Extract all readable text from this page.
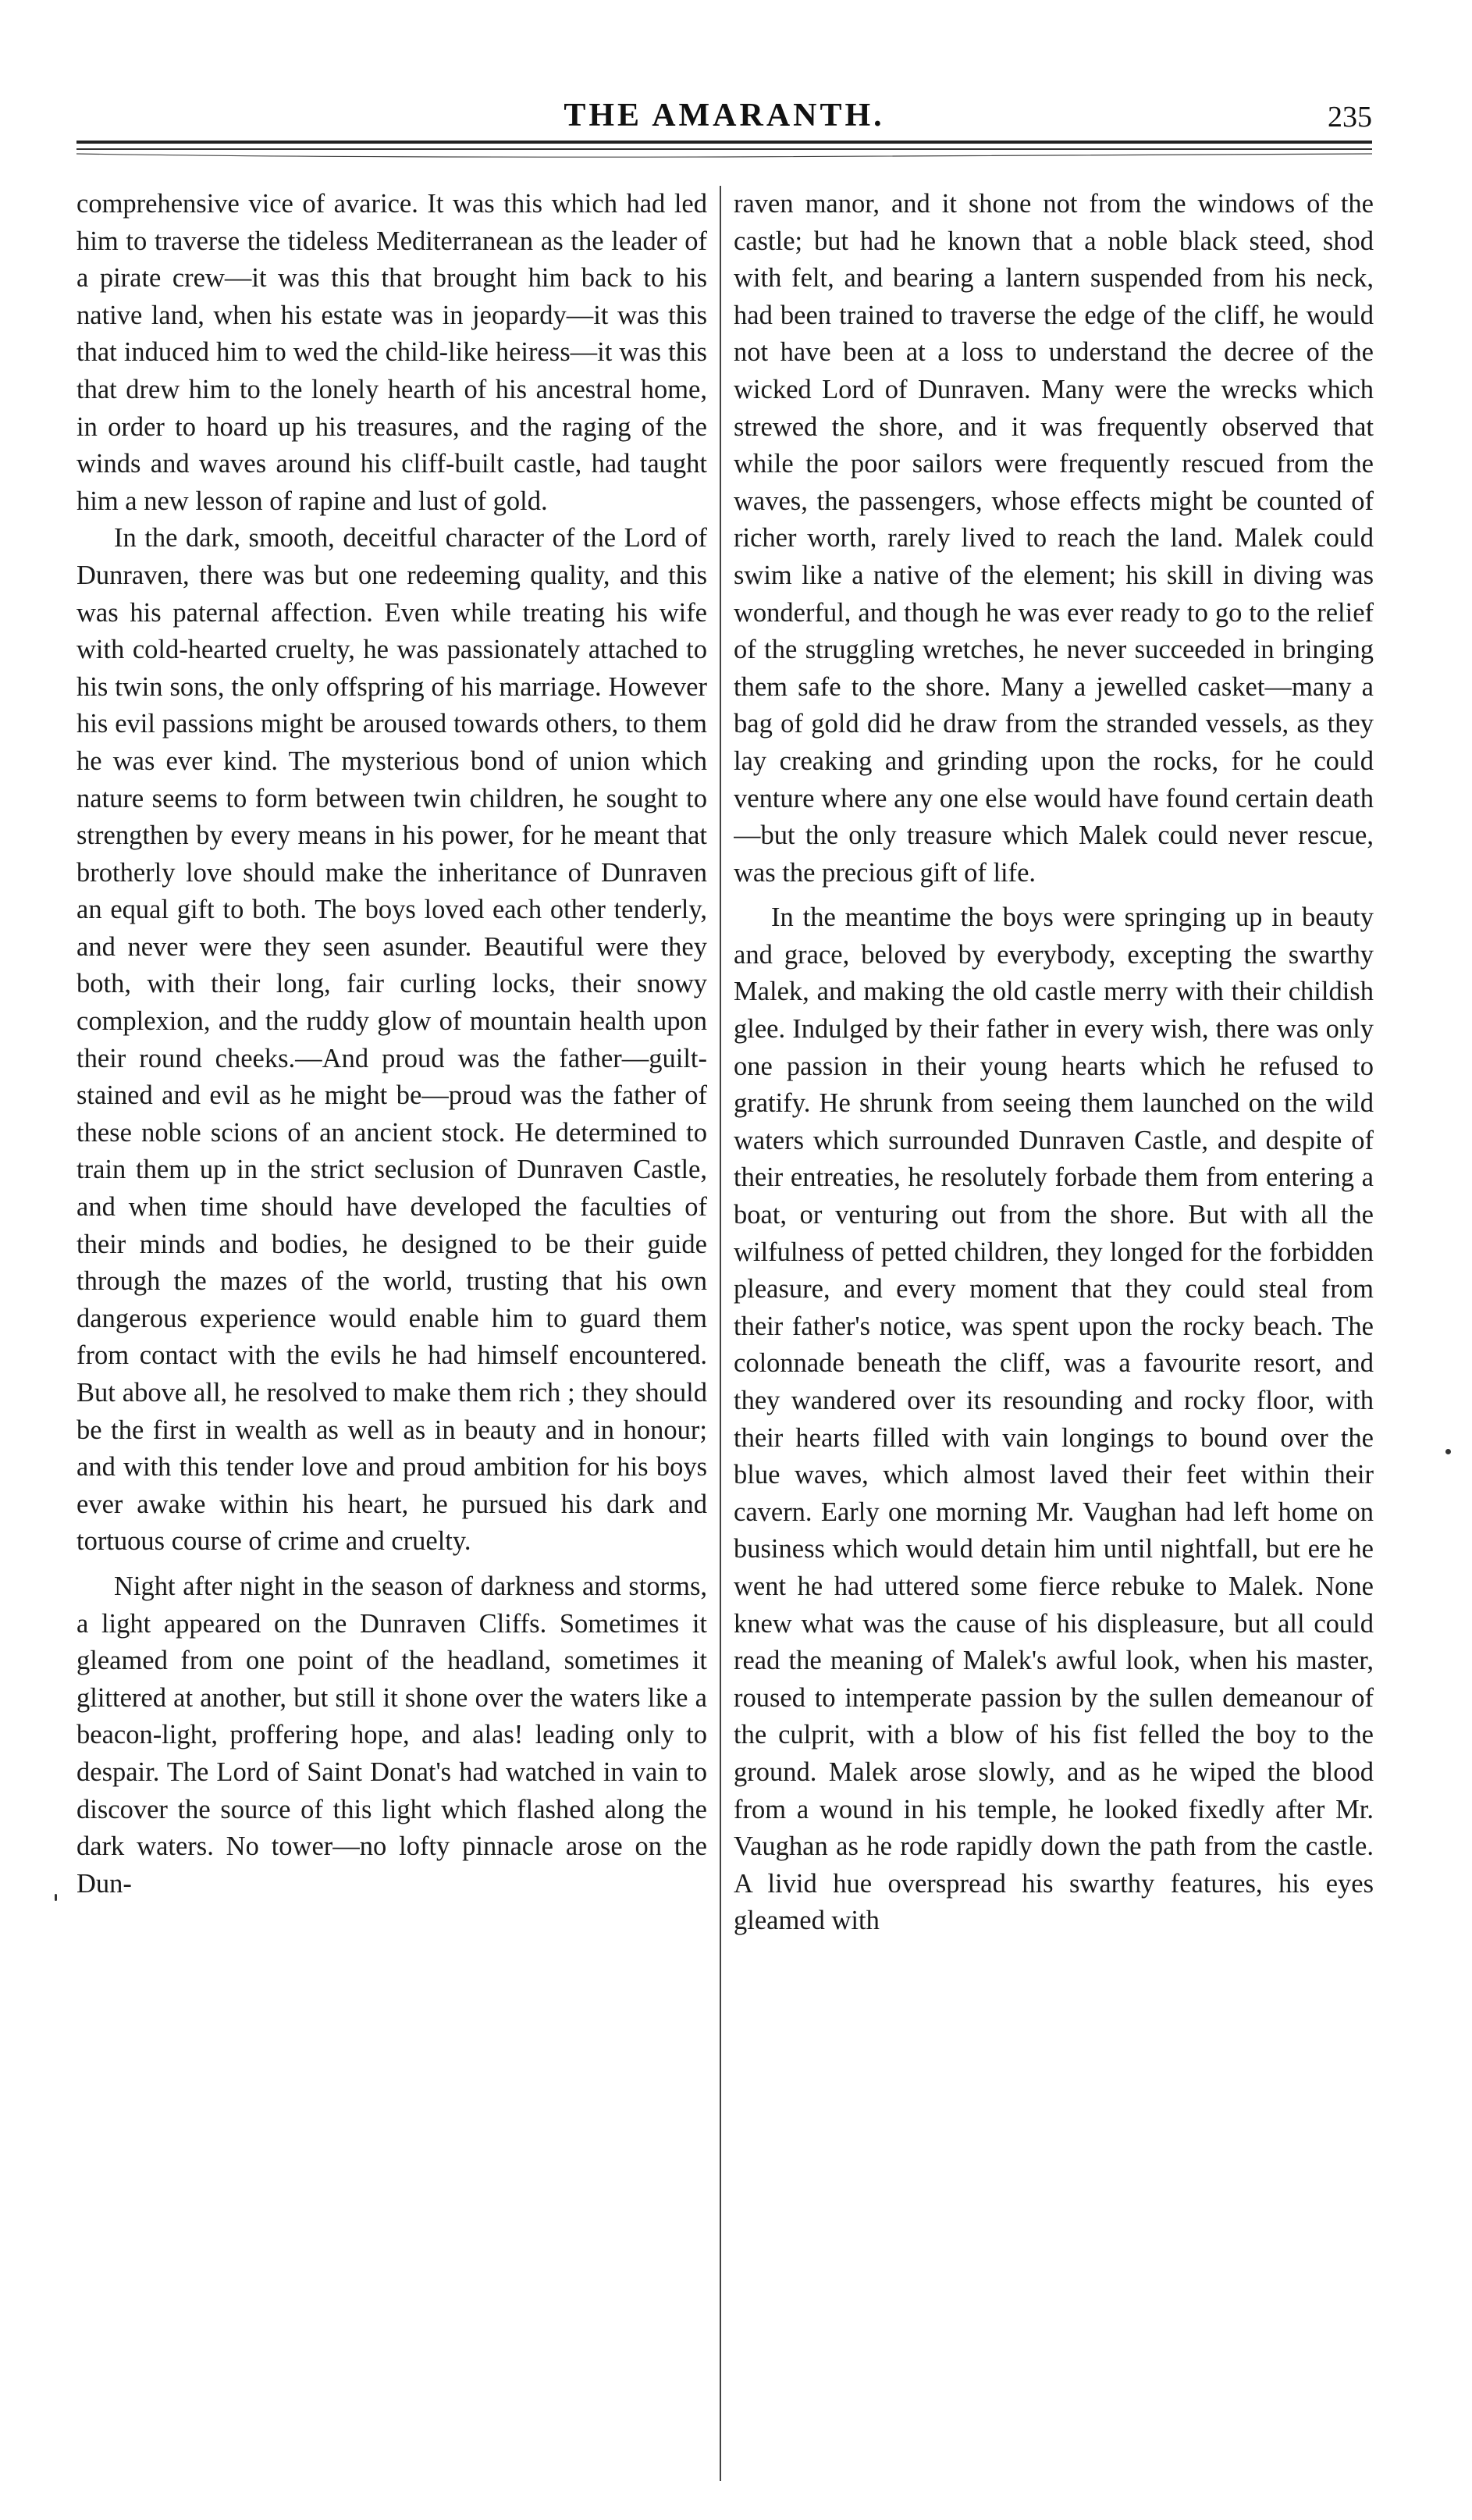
THE AMARANTH.	235

comprehensive vice of avarice. It was this which had led him to traverse the tideless Mediterranean as the leader of a pirate crew—it was this that brought him back to his native land, when his estate was in jeopardy—it was this that induced him to wed the child-like heiress—it was this that drew him to the lonely hearth of his ancestral home, in order to hoard up his treasures, and the raging of the winds and waves around his cliff-built castle, had taught him a new lesson of rapine and lust of gold.

In the dark, smooth, deceitful character of the Lord of Dunraven, there was but one redeeming quality, and this was his paternal affection. Even while treating his wife with cold-hearted cruelty, he was passionately attached to his twin sons, the only offspring of his marriage. However his evil passions might be aroused towards others, to them he was ever kind. The mysterious bond of union which nature seems to form between twin children, he sought to strengthen by every means in his power, for he meant that brotherly love should make the inheritance of Dunraven an equal gift to both. The boys loved each other tenderly, and never were they seen asunder. Beautiful were they both, with their long, fair curling locks, their snowy complexion, and the ruddy glow of mountain health upon their round cheeks.—And proud was the father—guilt-stained and evil as he might be—proud was the father of these noble scions of an ancient stock. He determined to train them up in the strict seclusion of Dunraven Castle, and when time should have developed the faculties of their minds and bodies, he designed to be their guide through the mazes of the world, trusting that his own dangerous experience would enable him to guard them from contact with the evils he had himself encountered. But above all, he resolved to make them rich ; they should be the first in wealth as well as in beauty and in honour; and with this tender love and proud ambition for his boys ever awake within his heart, he pursued his dark and tortuous course of crime and cruelty.

Night after night in the season of darkness and storms, a light appeared on the Dunraven Cliffs. Sometimes it gleamed from one point of the headland, sometimes it glittered at another, but still it shone over the waters like a beacon-light, proffering hope, and alas! leading only to despair. The Lord of Saint Donat's had watched in vain to discover the source of this light which flashed along the dark waters. No tower—no lofty pinnacle arose on the Dun-

raven manor, and it shone not from the windows of the castle; but had he known that a noble black steed, shod with felt, and bearing a lantern suspended from his neck, had been trained to traverse the edge of the cliff, he would not have been at a loss to understand the decree of the wicked Lord of Dunraven. Many were the wrecks which strewed the shore, and it was frequently observed that while the poor sailors were frequently rescued from the waves, the passengers, whose effects might be counted of richer worth, rarely lived to reach the land. Malek could swim like a native of the element; his skill in diving was wonderful, and though he was ever ready to go to the relief of the struggling wretches, he never succeeded in bringing them safe to the shore. Many a jewelled casket—many a bag of gold did he draw from the stranded vessels, as they lay creaking and grinding upon the rocks, for he could venture where any one else would have found certain death—but the only treasure which Malek could never rescue, was the precious gift of life.

In the meantime the boys were springing up in beauty and grace, beloved by everybody, excepting the swarthy Malek, and making the old castle merry with their childish glee. Indulged by their father in every wish, there was only one passion in their young hearts which he refused to gratify. He shrunk from seeing them launched on the wild waters which surrounded Dunraven Castle, and despite of their entreaties, he resolutely forbade them from entering a boat, or venturing out from the shore. But with all the wilfulness of petted children, they longed for the forbidden pleasure, and every moment that they could steal from their father's notice, was spent upon the rocky beach. The colonnade beneath the cliff, was a favourite resort, and they wandered over its resounding and rocky floor, with their hearts filled with vain longings to bound over the blue waves, which almost laved their feet within their cavern. Early one morning Mr. Vaughan had left home on business which would detain him until nightfall, but ere he went he had uttered some fierce rebuke to Malek. None knew what was the cause of his displeasure, but all could read the meaning of Malek's awful look, when his master, roused to intemperate passion by the sullen demeanour of the culprit, with a blow of his fist felled the boy to the ground. Malek arose slowly, and as he wiped the blood from a wound in his temple, he looked fixedly after Mr. Vaughan as he rode rapidly down the path from the castle. A livid hue overspread his swarthy features, his eyes gleamed with
